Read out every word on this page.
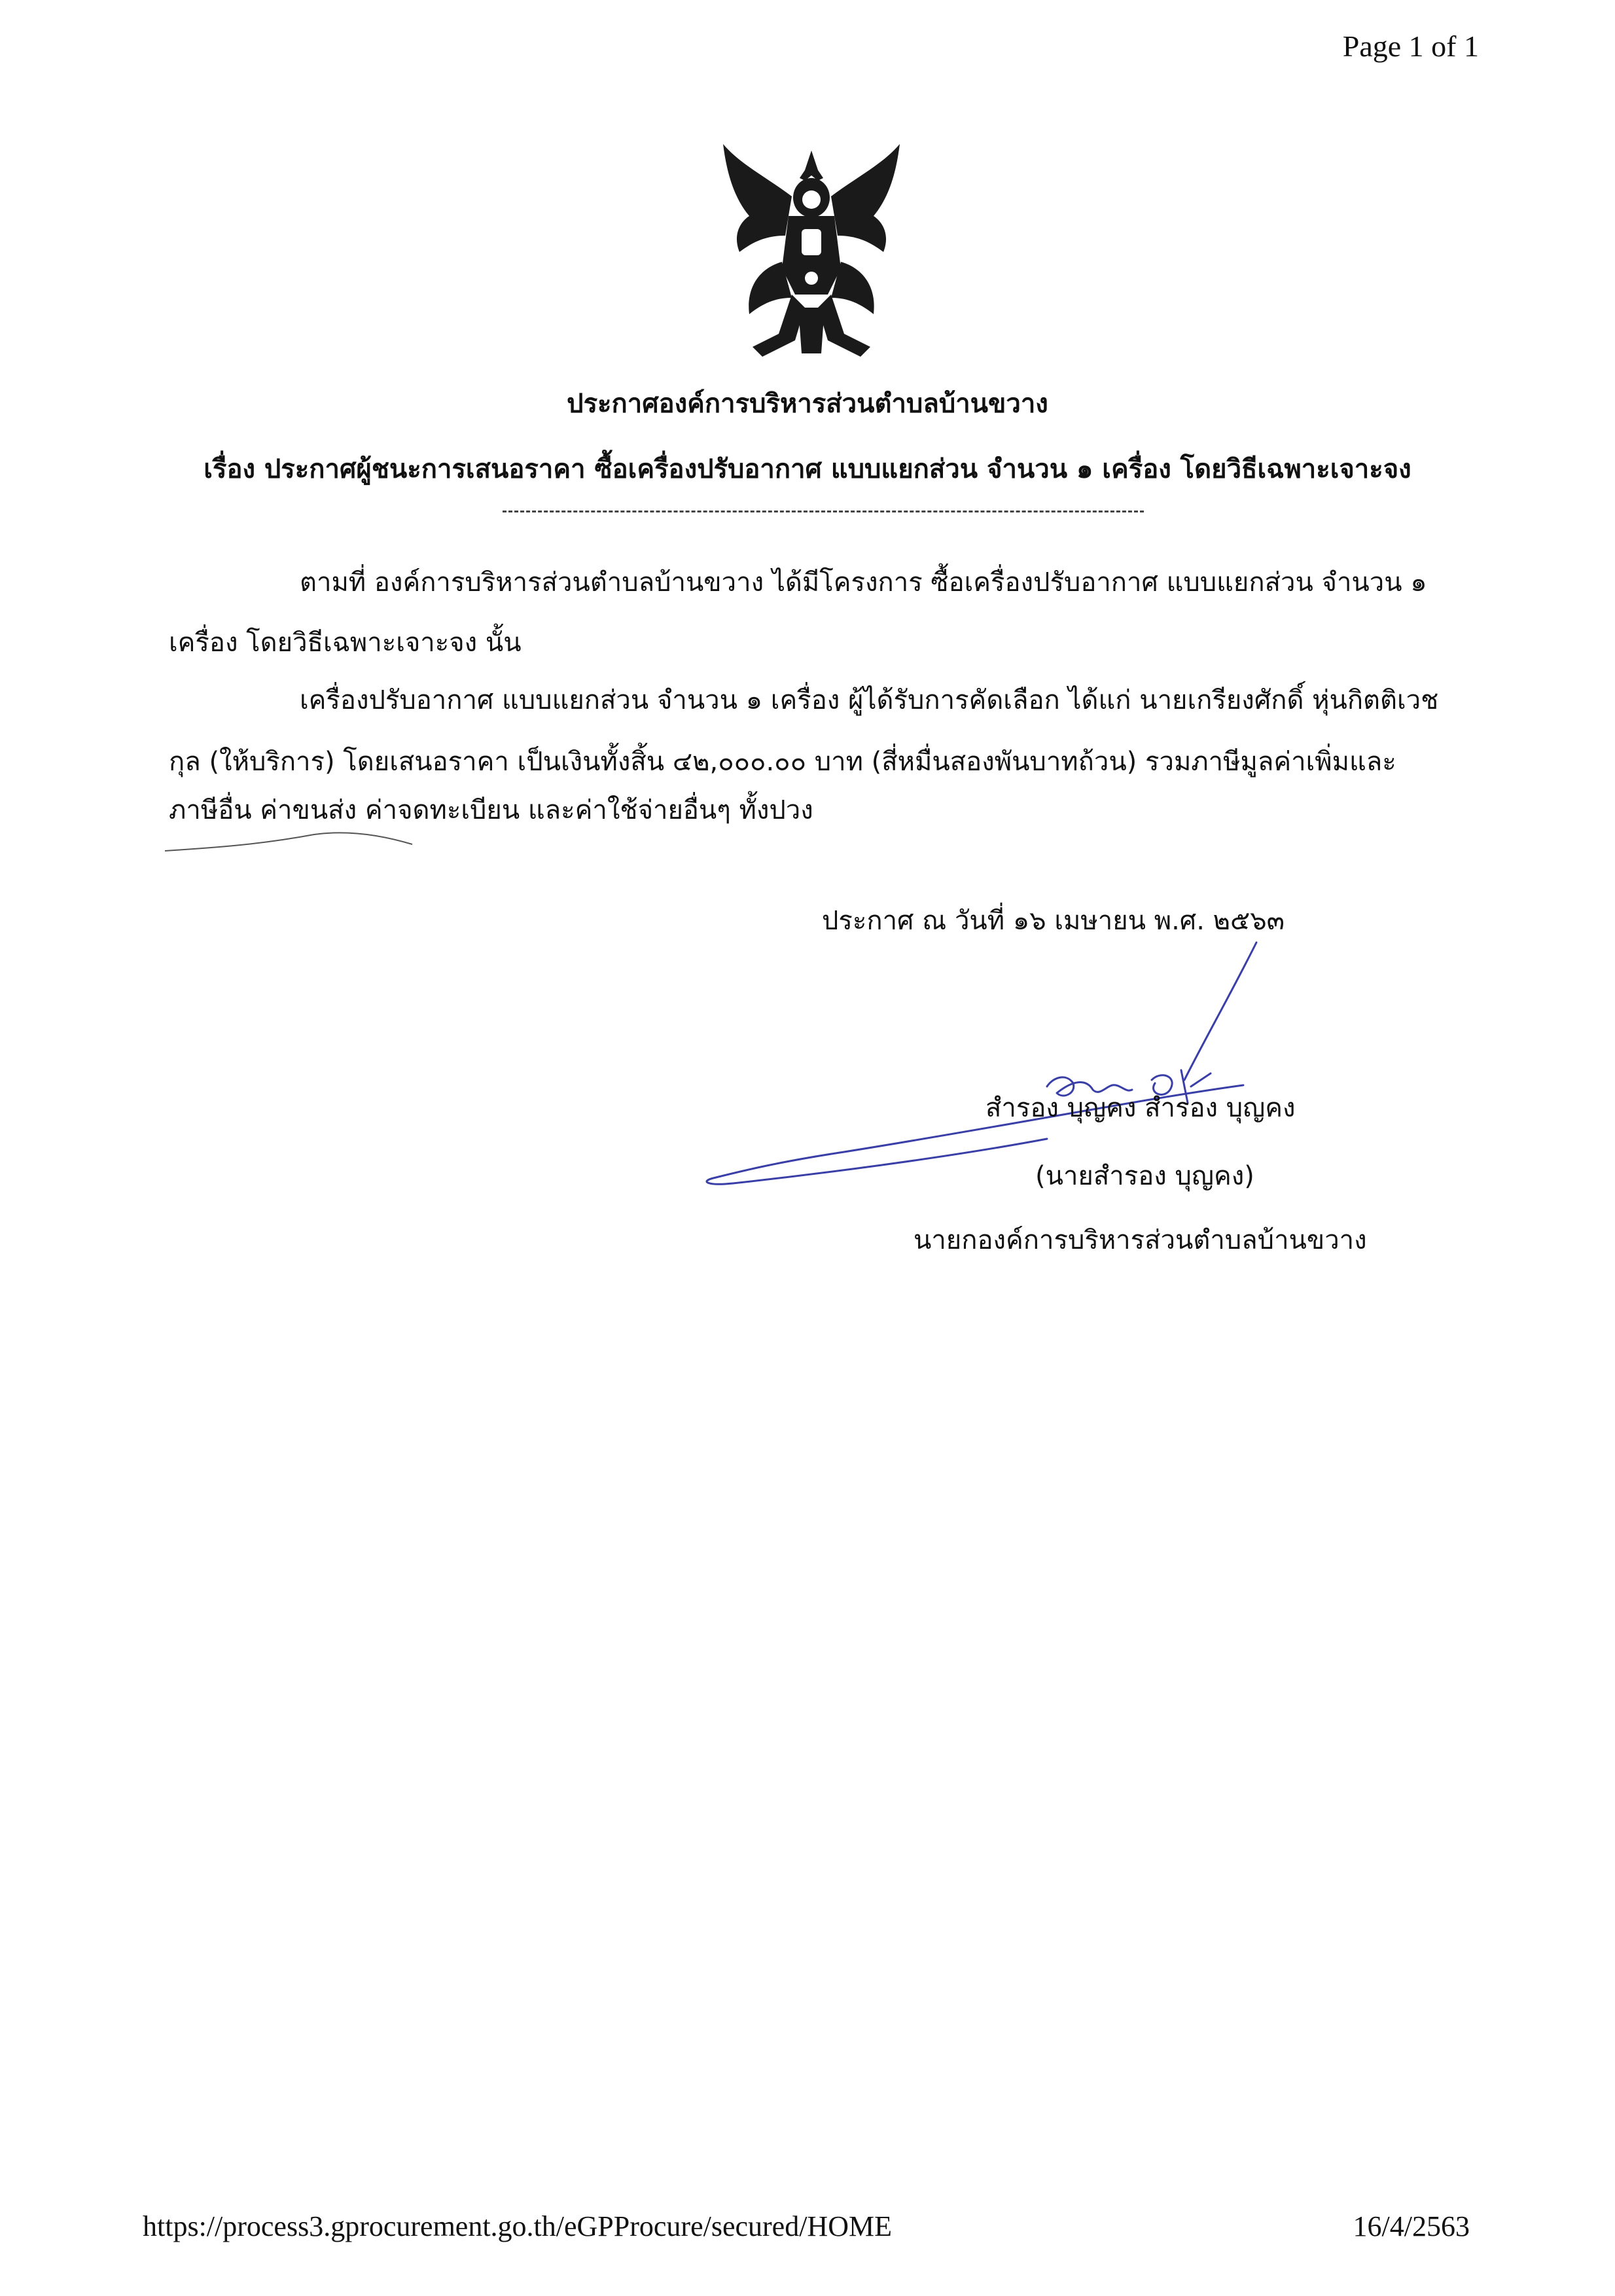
Page 1 of 1
ประกาศองค์การบริหารส่วนตำบลบ้านขวาง
เรื่อง ประกาศผู้ชนะการเสนอราคา ซื้อเครื่องปรับอากาศ แบบแยกส่วน จำนวน ๑ เครื่อง โดยวิธีเฉพาะเจาะจง
ตามที่ องค์การบริหารส่วนตำบลบ้านขวาง ได้มีโครงการ ซื้อเครื่องปรับอากาศ แบบแยกส่วน จำนวน ๑
เครื่อง โดยวิธีเฉพาะเจาะจง นั้น
เครื่องปรับอากาศ แบบแยกส่วน จำนวน ๑ เครื่อง ผู้ได้รับการคัดเลือก ได้แก่ นายเกรียงศักดิ์ หุ่นกิตติเวช
กุล (ให้บริการ) โดยเสนอราคา เป็นเงินทั้งสิ้น ๔๒,๐๐๐.๐๐ บาท (สี่หมื่นสองพันบาทถ้วน) รวมภาษีมูลค่าเพิ่มและ
ภาษีอื่น ค่าขนส่ง ค่าจดทะเบียน และค่าใช้จ่ายอื่นๆ ทั้งปวง
ประกาศ ณ วันที่ ๑๖ เมษายน พ.ศ. ๒๕๖๓
สำรอง บุญคง สำรอง บุญคง
(นายสำรอง บุญคง)
นายกองค์การบริหารส่วนตำบลบ้านขวาง
https://process3.gprocurement.go.th/eGPProcure/secured/HOME	16/4/2563
